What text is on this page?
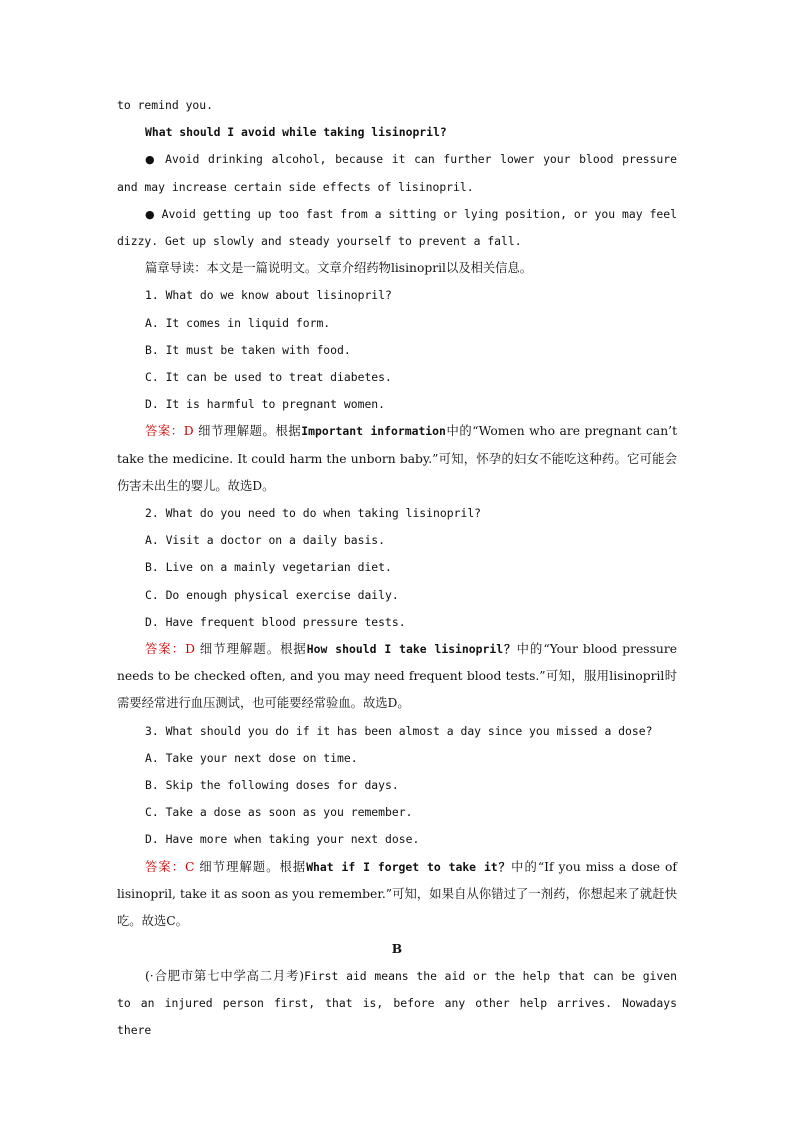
to remind you.

What should I avoid while taking lisinopril?

● Avoid drinking alcohol, because it can further lower your blood pressure and may increase certain side effects of lisinopril.

● Avoid getting up too fast from a sitting or lying position, or you may feel dizzy. Get up slowly and steady yourself to prevent a fall.

篇章导读：本文是一篇说明文。文章介绍药物lisinopril以及相关信息。

1. What do we know about lisinopril?

A. It comes in liquid form.

B. It must be taken with food.

C. It can be used to treat diabetes.

D. It is harmful to pregnant women.

答案：D 细节理解题。根据Important information中的“Women who are pregnant can’t take the medicine. It could harm the unborn baby.”可知，怀孕的妇女不能吃这种药。它可能会伤害未出生的婴儿。故选D。

2. What do you need to do when taking lisinopril?

A. Visit a doctor on a daily basis.

B. Live on a mainly vegetarian diet.

C. Do enough physical exercise daily.

D. Have frequent blood pressure tests.

答案：D 细节理解题。根据How should I take lisinopril？中的“Your blood pressure needs to be checked often, and you may need frequent blood tests.”可知，服用lisinopril时需要经常进行血压测试，也可能要经常验血。故选D。

3. What should you do if it has been almost a day since you missed a dose?

A. Take your next dose on time.

B. Skip the following doses for days.

C. Take a dose as soon as you remember.

D. Have more when taking your next dose.

答案：C 细节理解题。根据What if I forget to take it？中的“If you miss a dose of lisinopril, take it as soon as you remember.”可知，如果自从你错过了一剂药，你想起来了就赶快吃。故选C。

B

(·合肥市第七中学高二月考)First aid means the aid or the help that can be given to an injured person first, that is, before any other help arrives. Nowadays there
